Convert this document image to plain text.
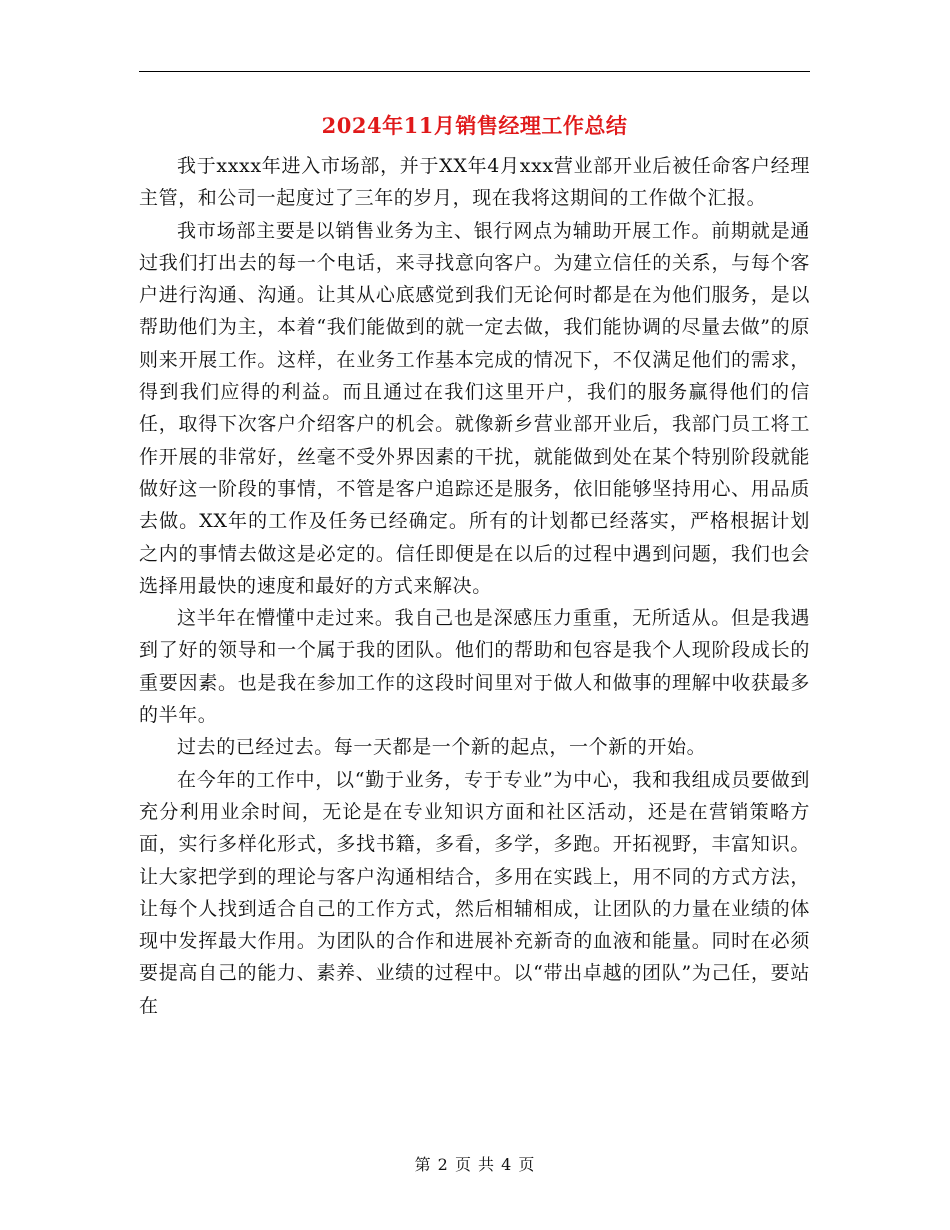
2024年11月销售经理工作总结

我于xxxx年进入市场部，并于XX年4月xxx营业部开业后被任命客户经理主管，和公司一起度过了三年的岁月，现在我将这期间的工作做个汇报。

我市场部主要是以销售业务为主、银行网点为辅助开展工作。前期就是通过我们打出去的每一个电话，来寻找意向客户。为建立信任的关系，与每个客户进行沟通、沟通。让其从心底感觉到我们无论何时都是在为他们服务，是以帮助他们为主，本着“我们能做到的就一定去做，我们能协调的尽量去做”的原则来开展工作。这样，在业务工作基本完成的情况下，不仅满足他们的需求，得到我们应得的利益。而且通过在我们这里开户，我们的服务赢得他们的信任，取得下次客户介绍客户的机会。就像新乡营业部开业后，我部门员工将工作开展的非常好，丝毫不受外界因素的干扰，就能做到处在某个特别阶段就能做好这一阶段的事情，不管是客户追踪还是服务，依旧能够坚持用心、用品质去做。XX年的工作及任务已经确定。所有的计划都已经落实，严格根据计划之内的事情去做这是必定的。信任即便是在以后的过程中遇到问题，我们也会选择用最快的速度和最好的方式来解决。

这半年在懵懂中走过来。我自己也是深感压力重重，无所适从。但是我遇到了好的领导和一个属于我的团队。他们的帮助和包容是我个人现阶段成长的重要因素。也是我在参加工作的这段时间里对于做人和做事的理解中收获最多的半年。

过去的已经过去。每一天都是一个新的起点，一个新的开始。

在今年的工作中，以“勤于业务，专于专业”为中心，我和我组成员要做到充分利用业余时间，无论是在专业知识方面和社区活动，还是在营销策略方面，实行多样化形式，多找书籍，多看，多学，多跑。开拓视野，丰富知识。让大家把学到的理论与客户沟通相结合，多用在实践上，用不同的方式方法，让每个人找到适合自己的工作方式，然后相辅相成，让团队的力量在业绩的体现中发挥最大作用。为团队的合作和进展补充新奇的血液和能量。同时在必须要提高自己的能力、素养、业绩的过程中。以“带出卓越的团队”为己任，要站在

第 2 页 共 4 页
